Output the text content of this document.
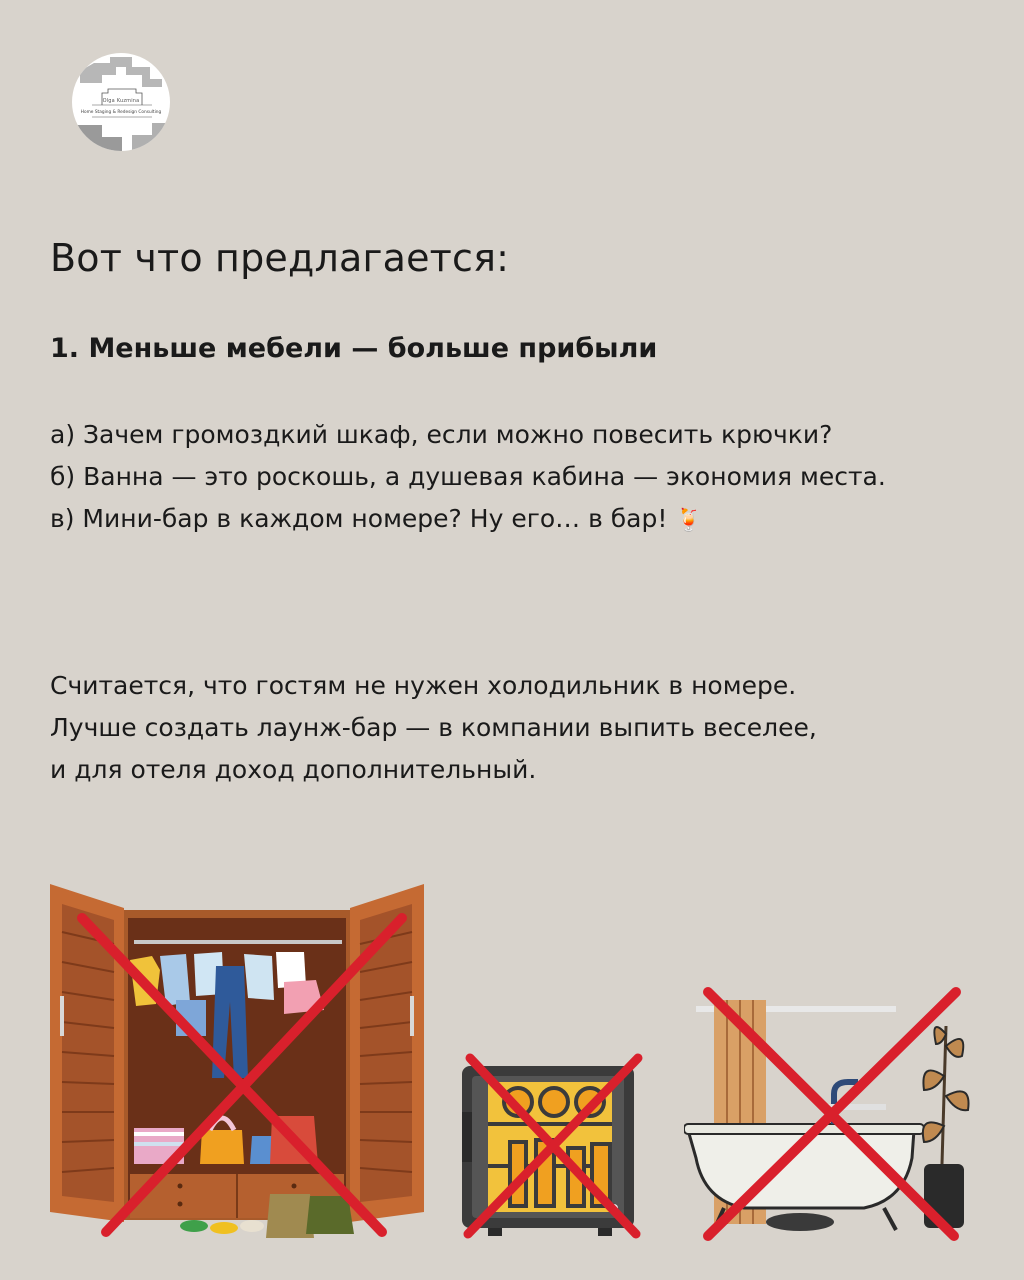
Olga Kuzmina
Home Staging & Redesign Consulting
Вот что предлагается:
1. Меньше мебели — больше прибыли
а) Зачем громоздкий шкаф, если можно повесить крючки?
б) Ванна — это роскошь, а душевая кабина — экономия места.
в) Мини-бар в каждом номере? Ну его… в бар! 🍹
Считается, что гостям не нужен холодильник в номере.
Лучше создать лаунж-бар — в компании выпить веселее,
и для отеля доход дополнительный.
